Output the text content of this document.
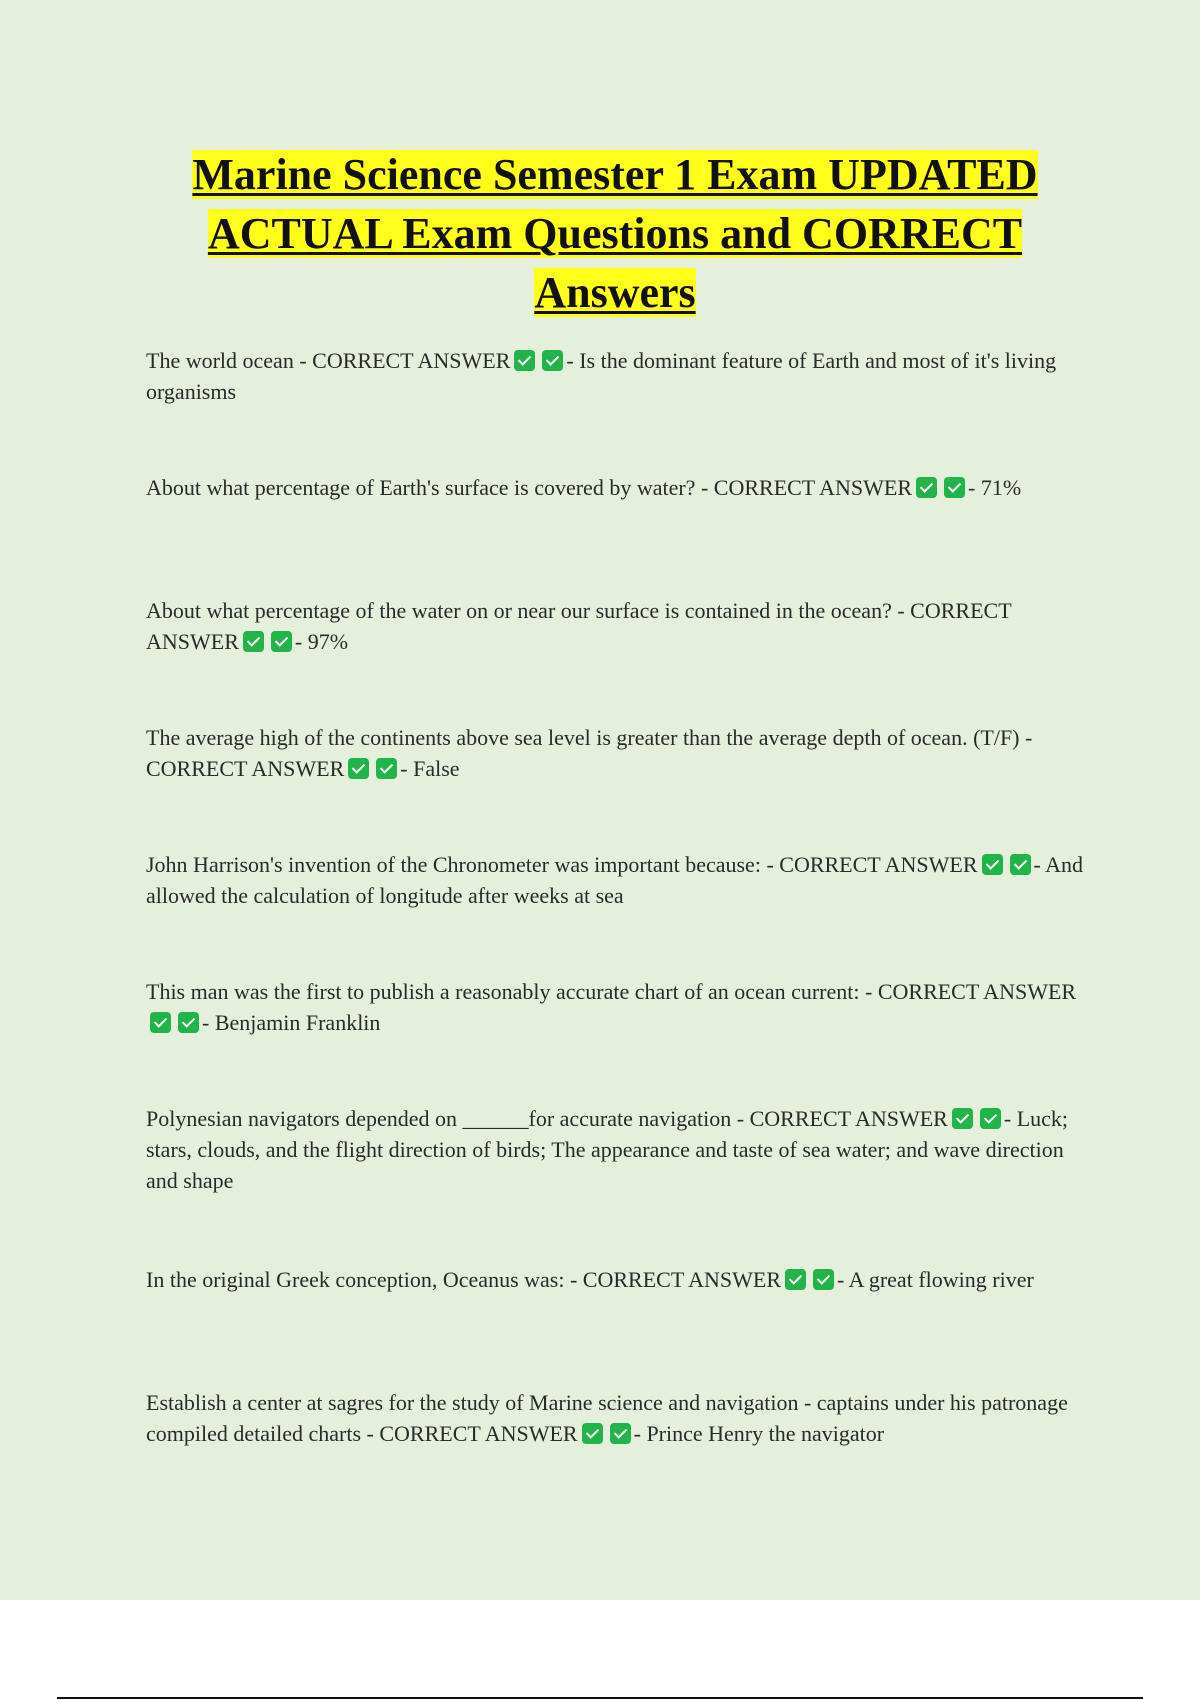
Marine Science Semester 1 Exam UPDATED ACTUAL Exam Questions and CORRECT Answers

The world ocean - CORRECT ANSWER	- Is the dominant feature of Earth and most of it's living organisms

About what percentage of Earth's surface is covered by water? - CORRECT ANSWER	- 71%

About what percentage of the water on or near our surface is contained in the ocean? - CORRECT ANSWER	- 97%

The average high of the continents above sea level is greater than the average depth of ocean. (T/F) - CORRECT ANSWER	- False

John Harrison's invention of the Chronometer was important because: - CORRECT ANSWER	- And allowed the calculation of longitude after weeks at sea

This man was the first to publish a reasonably accurate chart of an ocean current: - CORRECT ANSWER- Benjamin Franklin

Polynesian navigators depended on ______for accurate navigation - CORRECT ANSWER	- Luck; stars, clouds, and the flight direction of birds; The appearance and taste of sea water; and wave direction and shape

In the original Greek conception, Oceanus was: - CORRECT ANSWER	- A great flowing river

Establish a center at sagres for the study of Marine science and navigation - captains under his patronage compiled detailed charts - CORRECT ANSWER	- Prince Henry the navigator
